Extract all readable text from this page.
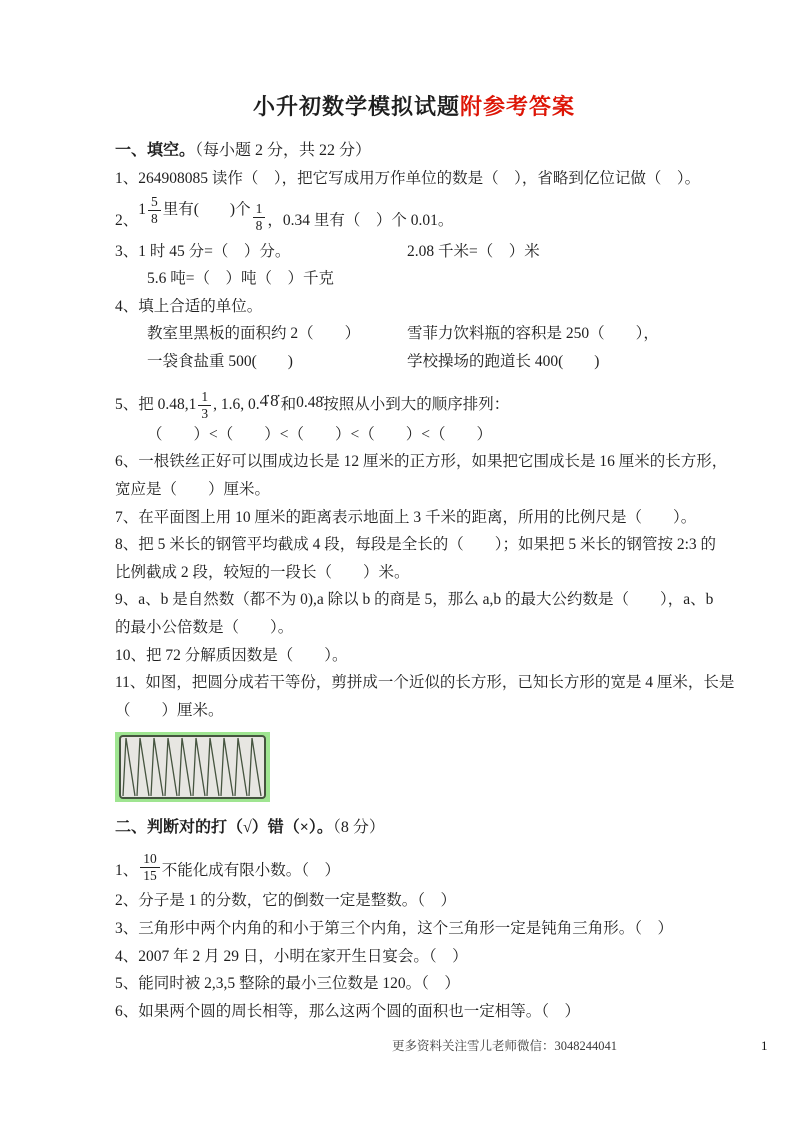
小升初数学模拟试题附参考答案

一、填空。（每小题 2 分，共 22 分）

1、264908085 读作（　），把它写成用万作单位的数是（　），省略到亿位记做（　）。

2、$1 \frac{5}{8}$ 里有(　　)个 $\frac{1}{8}$ ，0.34 里有（　）个 0.01。

3、1 时 45 分=（　）分。	2.08 千米=（　）米

5.6 吨=（　）吨（　）千克

4、填上合适的单位。

教室里黑板的面积约 2（　　）	雪菲力饮料瓶的容积是 250（　　），

一袋食盐重 500(　　)	学校操场的跑道长 400(　　)

5、把 $0.48,1 \frac{1}{3}$ , 1.6, 0.4̇8̇和0.48̇按照从小到大的顺序排列：

（　　）<（　　）<（　　）<（　　）<（　　）

6、一根铁丝正好可以围成边长是 12 厘米的正方形，如果把它围成长是 16 厘米的长方形，

宽应是（　　）厘米。

7、在平面图上用 10 厘米的距离表示地面上 3 千米的距离，所用的比例尺是（　　）。

8、把 5 米长的钢管平均截成 4 段，每段是全长的（　　）；如果把 5 米长的钢管按 2:3 的

比例截成 2 段，较短的一段长（　　）米。

9、a、b 是自然数（都不为 0),a 除以 b 的商是 5，那么 a,b 的最大公约数是（　　），a、b

的最小公倍数是（　　）。

10、把 72 分解质因数是（　　）。

11、如图，把圆分成若干等份，剪拼成一个近似的长方形，已知长方形的宽是 4 厘米，长是

（　　）厘米。

二、判断对的打（√）错（×）。（8 分）

1、 $\frac{10}{15}$ 不能化成有限小数。（　）

2、分子是 1 的分数，它的倒数一定是整数。（　）

3、三角形中两个内角的和小于第三个内角，这个三角形一定是钝角三角形。（　）

4、2007 年 2 月 29 日，小明在家开生日宴会。（　）

5、能同时被 2,3,5 整除的最小三位数是 120。（　）

6、如果两个圆的周长相等，那么这两个圆的面积也一定相等。（　）

更多资料关注雪儿老师微信：3048244041	1
